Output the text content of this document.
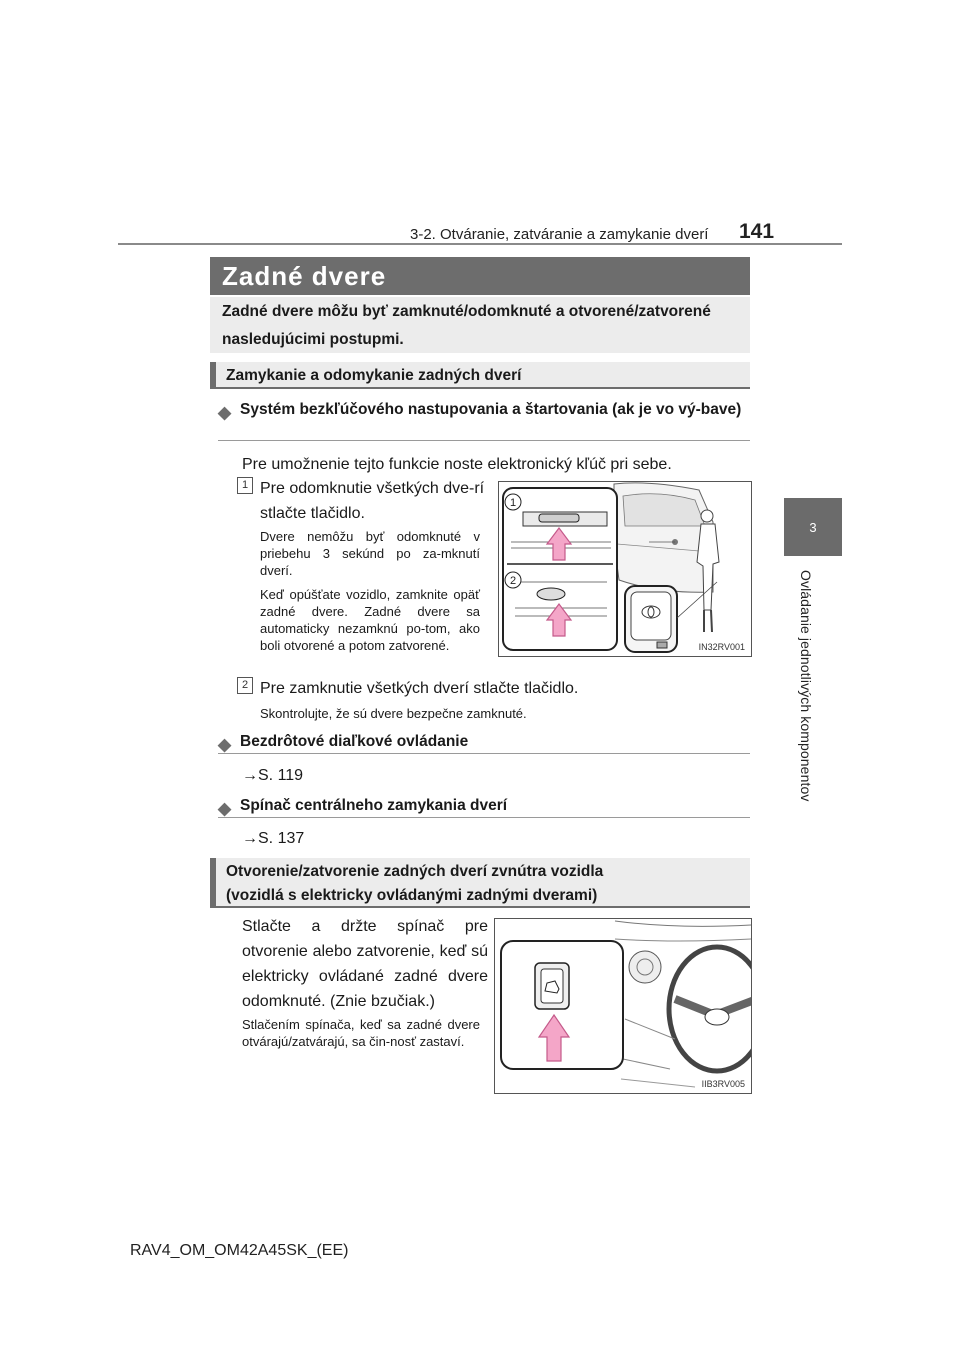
3-2. Otváranie, zatváranie a zamykanie dverí 141
3
Ovládanie jednotlivých komponentov
Zadné dvere
Zadné dvere môžu byť zamknuté/odomknuté a otvorené/zatvorené nasledujúcimi postupmi.
Zamykanie a odomykanie zadných dverí
◆ Systém bezkľúčového nastupovania a štartovania (ak je vo vý-bave)
Pre umožnenie tejto funkcie noste elektronický kľúč pri sebe.
1 Pre odomknutie všetkých dve-rí stlačte tlačidlo.
Dvere nemôžu byť odomknuté v priebehu 3 sekúnd po za-mknutí dverí.
Keď opúšťate vozidlo, zamknite opäť zadné dvere. Zadné dvere sa automaticky nezamknú po-tom, ako boli otvorené a potom zatvorené.
1
2
IN32RV001
2 Pre zamknutie všetkých dverí stlačte tlačidlo.
Skontrolujte, že sú dvere bezpečne zamknuté.
◆ Bezdrôtové diaľkové ovládanie
→S. 119
◆ Spínač centrálneho zamykania dverí
→S. 137
Otvorenie/zatvorenie zadných dverí zvnútra vozidla
(vozidlá s elektricky ovládanými zadnými dverami)
Stlačte a držte spínač pre otvorenie alebo zatvorenie, keď sú elektricky ovládané zadné dvere odomknuté. (Znie bzučiak.)
Stlačením spínača, keď sa zadné dvere otvárajú/zatvárajú, sa čin-nosť zastaví.
IIB3RV005
RAV4_OM_OM42A45SK_(EE)
